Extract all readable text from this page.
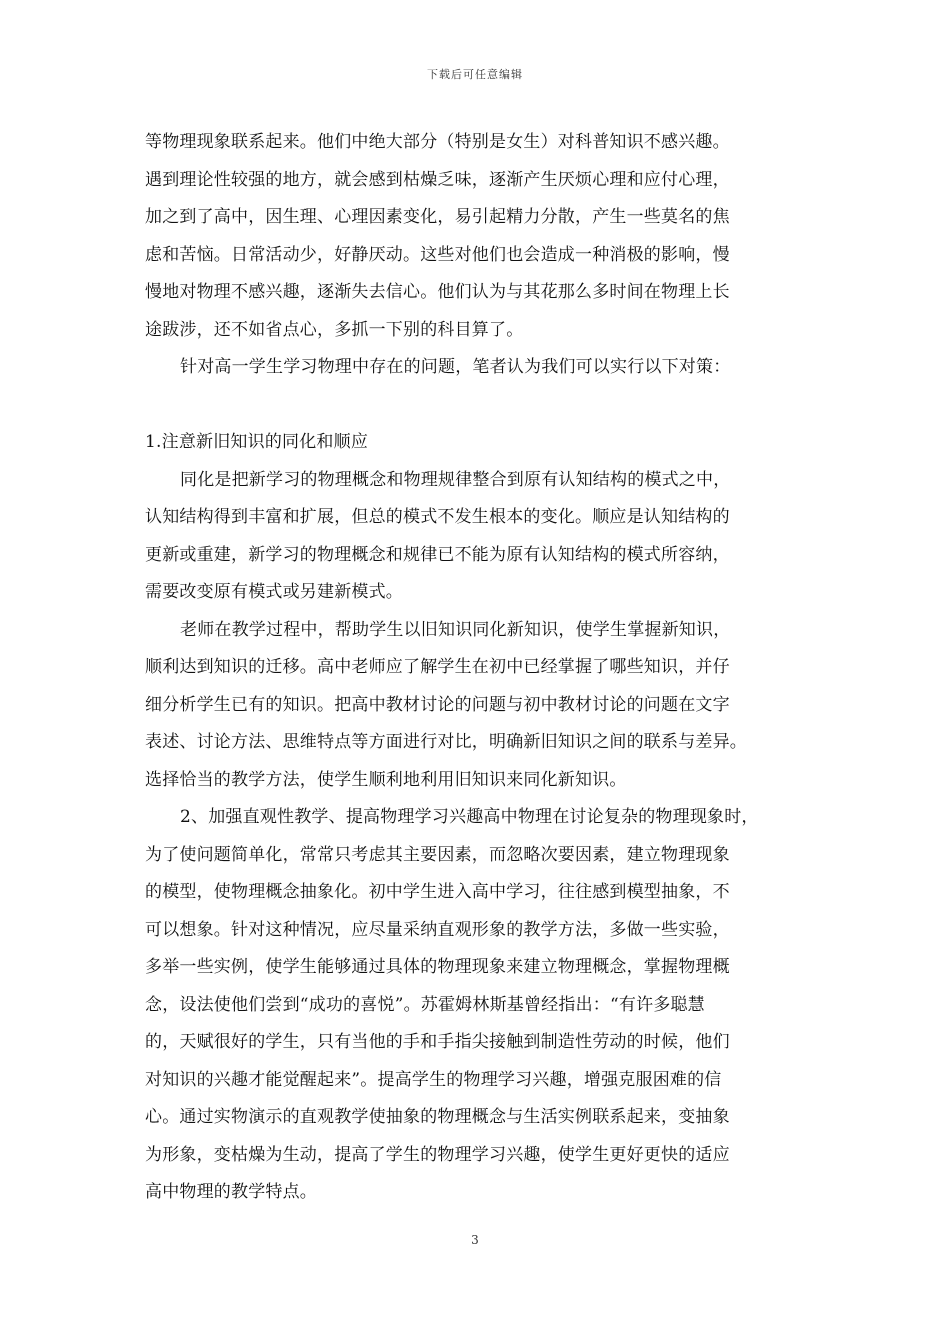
下载后可任意编辑
等物理现象联系起来。他们中绝大部分（特别是女生）对科普知识不感兴趣。
遇到理论性较强的地方，就会感到枯燥乏味，逐渐产生厌烦心理和应付心理，
加之到了高中，因生理、心理因素变化，易引起精力分散，产生一些莫名的焦
虑和苦恼。日常活动少，好静厌动。这些对他们也会造成一种消极的影响，慢
慢地对物理不感兴趣，逐渐失去信心。他们认为与其花那么多时间在物理上长
途跋涉，还不如省点心，多抓一下别的科目算了。
针对高一学生学习物理中存在的问题，笔者认为我们可以实行以下对策：
1.注意新旧知识的同化和顺应
同化是把新学习的物理概念和物理规律整合到原有认知结构的模式之中，
认知结构得到丰富和扩展，但总的模式不发生根本的变化。顺应是认知结构的
更新或重建，新学习的物理概念和规律已不能为原有认知结构的模式所容纳，
需要改变原有模式或另建新模式。
老师在教学过程中，帮助学生以旧知识同化新知识，使学生掌握新知识，
顺利达到知识的迁移。高中老师应了解学生在初中已经掌握了哪些知识，并仔
细分析学生已有的知识。把高中教材讨论的问题与初中教材讨论的问题在文字
表述、讨论方法、思维特点等方面进行对比，明确新旧知识之间的联系与差异。
选择恰当的教学方法，使学生顺利地利用旧知识来同化新知识。
2、加强直观性教学、提高物理学习兴趣高中物理在讨论复杂的物理现象时，
为了使问题简单化，常常只考虑其主要因素，而忽略次要因素，建立物理现象
的模型，使物理概念抽象化。初中学生进入高中学习，往往感到模型抽象，不
可以想象。针对这种情况，应尽量采纳直观形象的教学方法，多做一些实验，
多举一些实例，使学生能够通过具体的物理现象来建立物理概念，掌握物理概
念，设法使他们尝到“成功的喜悦”。苏霍姆林斯基曾经指出：“有许多聪慧
的，天赋很好的学生，只有当他的手和手指尖接触到制造性劳动的时候，他们
对知识的兴趣才能觉醒起来”。提高学生的物理学习兴趣，增强克服困难的信
心。通过实物演示的直观教学使抽象的物理概念与生活实例联系起来，变抽象
为形象，变枯燥为生动，提高了学生的物理学习兴趣，使学生更好更快的适应
高中物理的教学特点。
3
